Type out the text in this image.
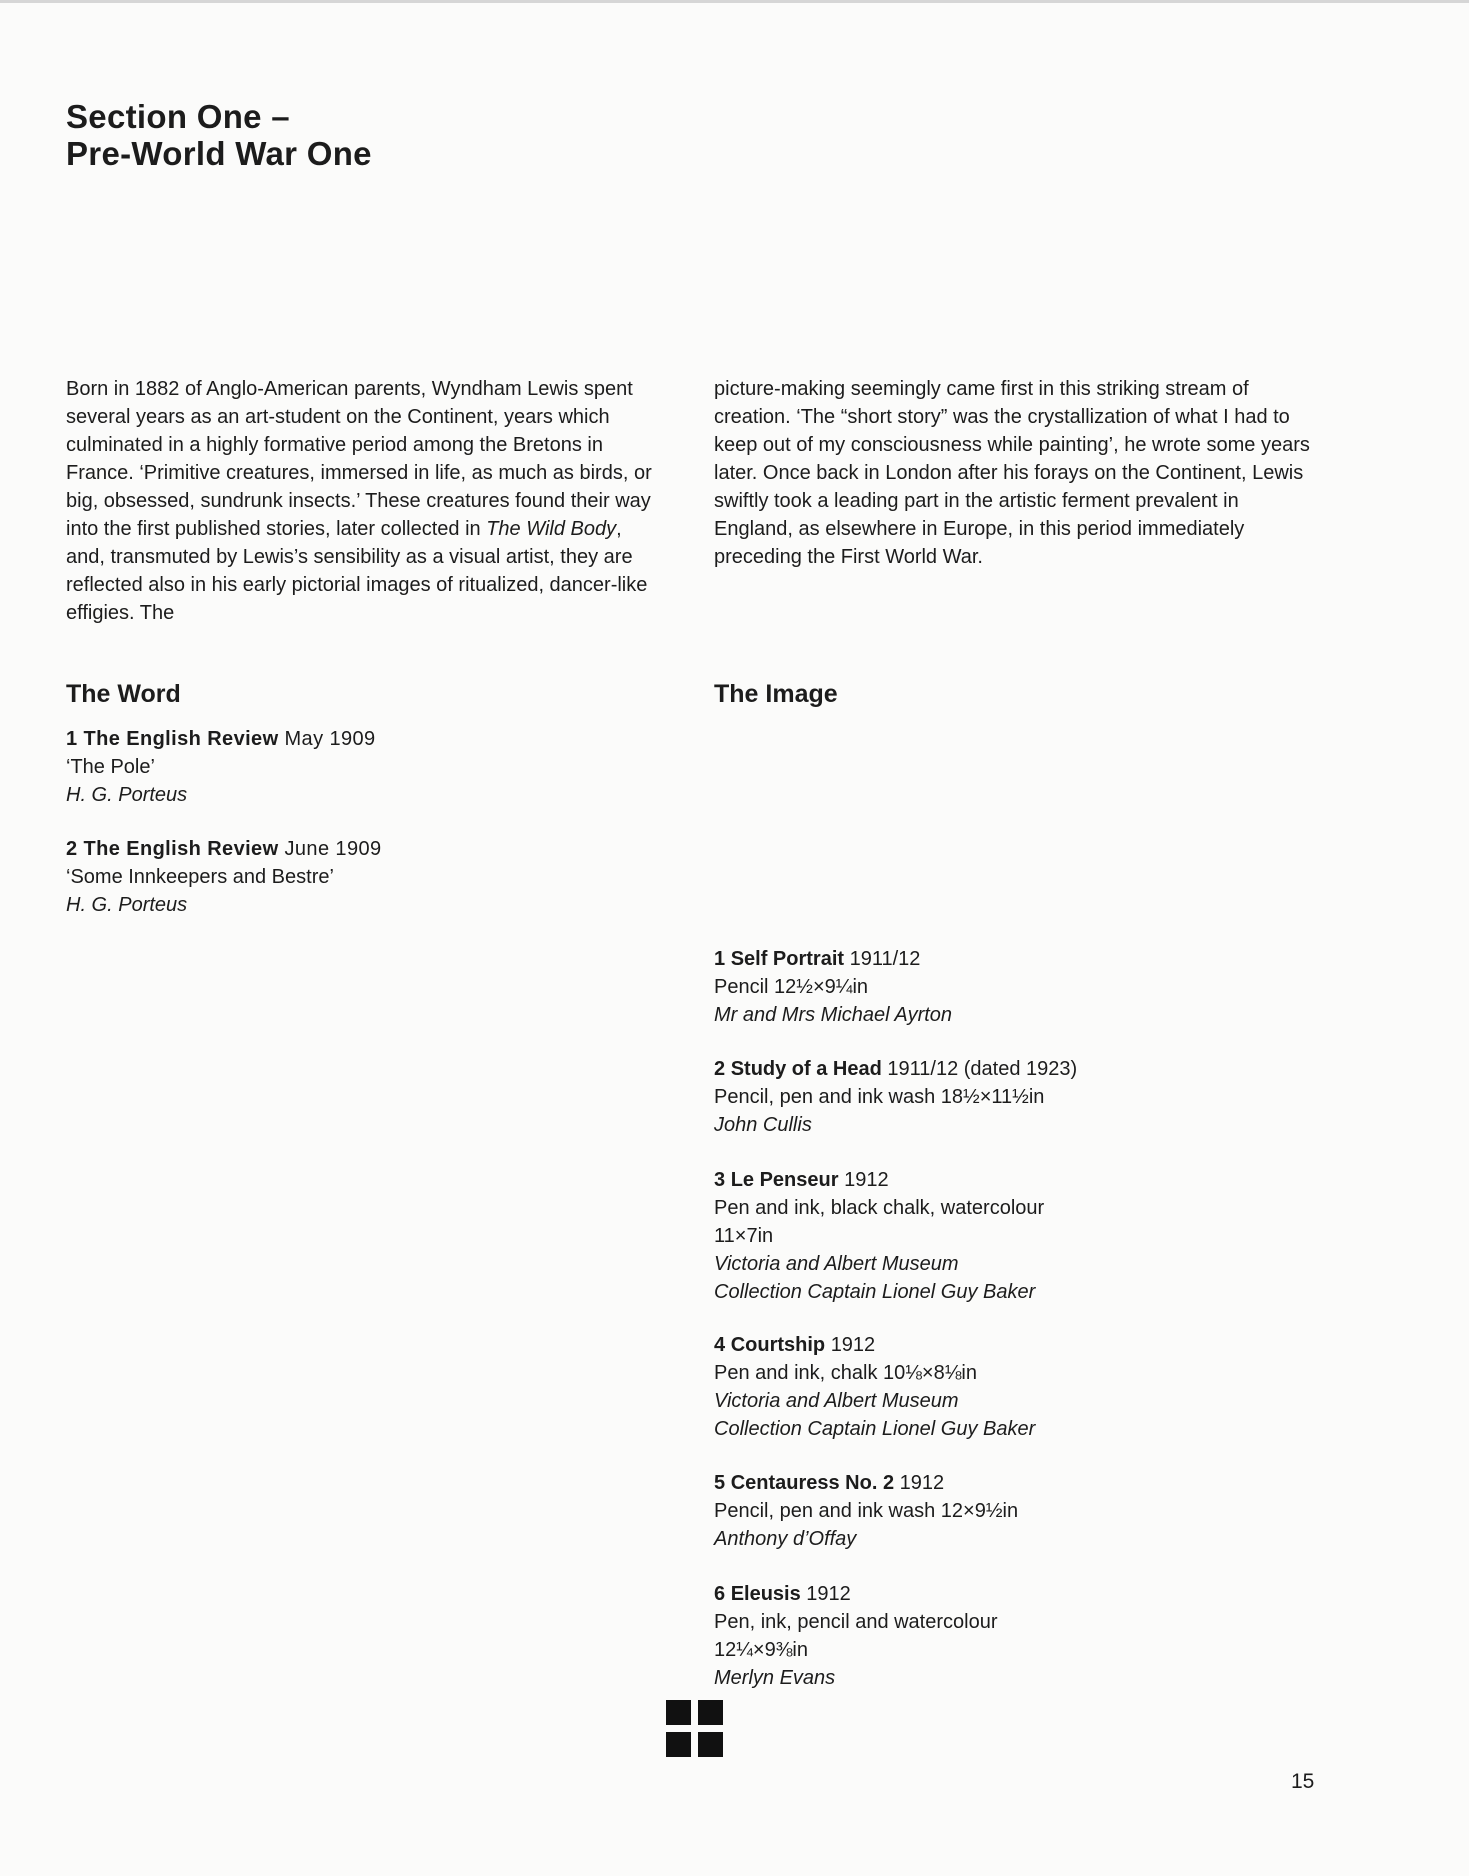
Section One –
Pre-World War One

Born in 1882 of Anglo-American parents, Wyndham Lewis spent several years as an art-student on the Continent, years which culminated in a highly formative period among the Bretons in France. ‘Primitive creatures, immersed in life, as much as birds, or big, obsessed, sundrunk insects.’ These creatures found their way into the first published stories, later collected in The Wild Body, and, transmuted by Lewis’s sensibility as a visual artist, they are reflected also in his early pictorial images of ritualized, dancer-like effigies. The

picture-making seemingly came first in this striking stream of creation. ‘The “short story” was the crystallization of what I had to keep out of my consciousness while painting’, he wrote some years later. Once back in London after his forays on the Continent, Lewis swiftly took a leading part in the artistic ferment prevalent in England, as elsewhere in Europe, in this period immediately preceding the First World War.

The Word	The Image
1 The English Review May 1909
‘The Pole’
H. G. Porteus
2 The English Review June 1909
‘Some Innkeepers and Bestre’
H. G. Porteus
1 Self Portrait 1911/12
Pencil 12½×9¼in
Mr and Mrs Michael Ayrton
2 Study of a Head 1911/12 (dated 1923)
Pencil, pen and ink wash 18½×11½in
John Cullis
3 Le Penseur 1912
Pen and ink, black chalk, watercolour
11×7in
Victoria and Albert Museum
Collection Captain Lionel Guy Baker
4 Courtship 1912
Pen and ink, chalk 10⅛×8⅛in
Victoria and Albert Museum
Collection Captain Lionel Guy Baker
5 Centauress No. 2 1912
Pencil, pen and ink wash 12×9½in
Anthony d’Offay
6 Eleusis 1912
Pen, ink, pencil and watercolour
12¼×9⅜in
Merlyn Evans
15
